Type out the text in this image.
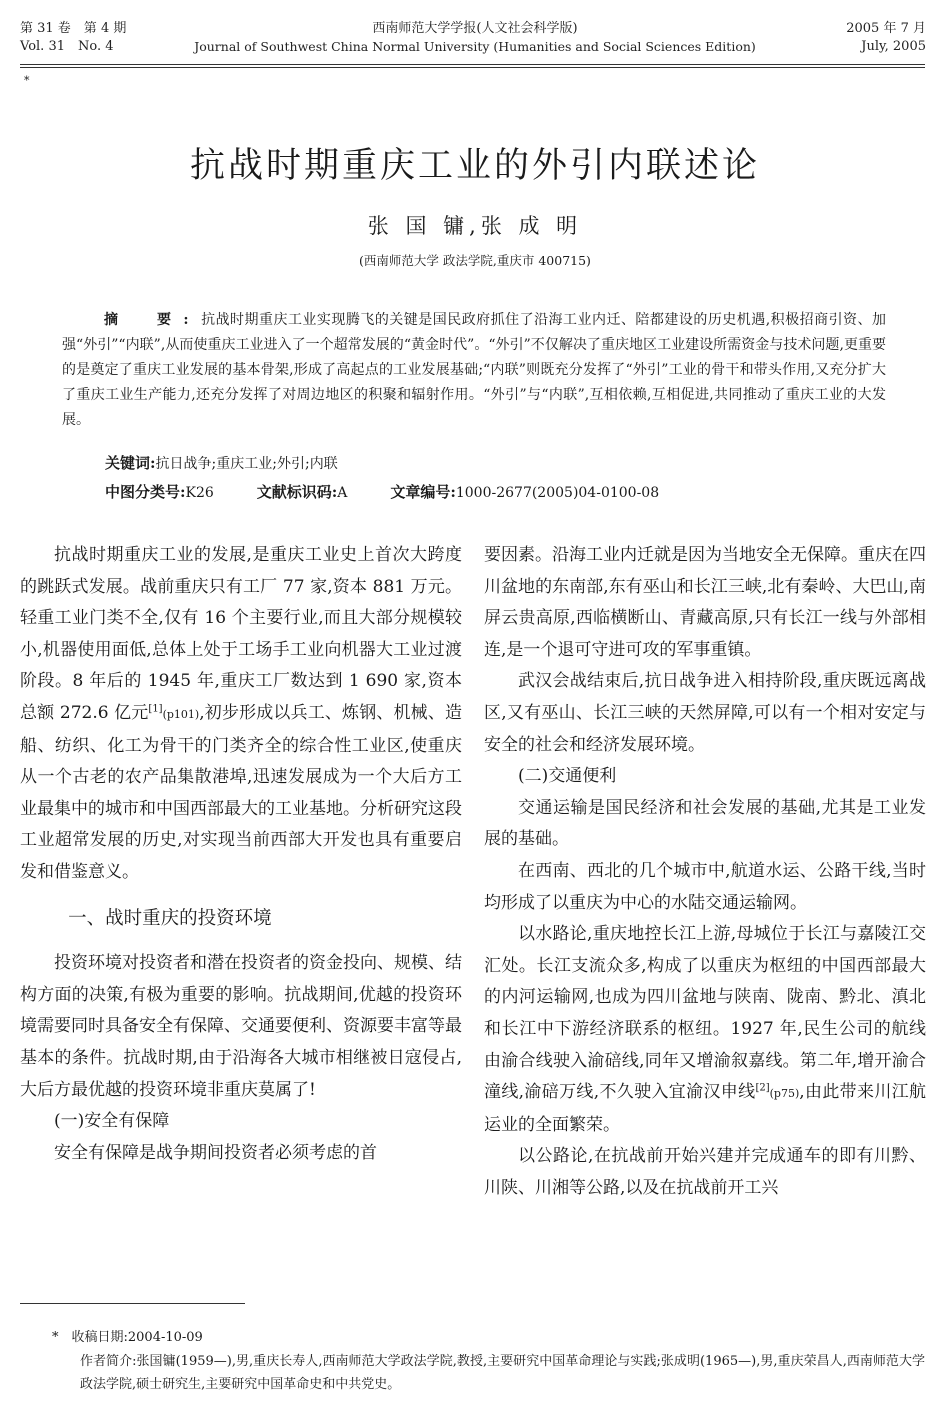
第 31 卷　第 4 期
Vol. 31　No. 4
西南师范大学学报(人文社会科学版)
Journal of Southwest China Normal University (Humanities and Social Sciences Edition)
2005 年 7 月
July, 2005
*
抗战时期重庆工业的外引内联述论
张 国 镛,张 成 明
(西南师范大学 政法学院,重庆市 400715)
摘　要:抗战时期重庆工业实现腾飞的关键是国民政府抓住了沿海工业内迁、陪都建设的历史机遇,积极招商引资、加强“外引”“内联”,从而使重庆工业进入了一个超常发展的“黄金时代”。“外引”不仅解决了重庆地区工业建设所需资金与技术问题,更重要的是奠定了重庆工业发展的基本骨架,形成了高起点的工业发展基础;“内联”则既充分发挥了“外引”工业的骨干和带头作用,又充分扩大了重庆工业生产能力,还充分发挥了对周边地区的积聚和辐射作用。“外引”与“内联”,互相依赖,互相促进,共同推动了重庆工业的大发展。
关键词:抗日战争;重庆工业;外引;内联
中图分类号:K26	文献标识码:A	文章编号:1000-2677(2005)04-0100-08

抗战时期重庆工业的发展,是重庆工业史上首次大跨度的跳跃式发展。战前重庆只有工厂 77 家,资本 881 万元。轻重工业门类不全,仅有 16 个主要行业,而且大部分规模较小,机器使用面低,总体上处于工场手工业向机器大工业过渡阶段。8 年后的 1945 年,重庆工厂数达到 1 690 家,资本总额 272.6 亿元[1](p101),初步形成以兵工、炼钢、机械、造船、纺织、化工为骨干的门类齐全的综合性工业区,使重庆从一个古老的农产品集散港埠,迅速发展成为一个大后方工业最集中的城市和中国西部最大的工业基地。分析研究这段工业超常发展的历史,对实现当前西部大开发也具有重要启发和借鉴意义。

一、战时重庆的投资环境

投资环境对投资者和潜在投资者的资金投向、规模、结构方面的决策,有极为重要的影响。抗战期间,优越的投资环境需要同时具备安全有保障、交通要便利、资源要丰富等最基本的条件。抗战时期,由于沿海各大城市相继被日寇侵占,大后方最优越的投资环境非重庆莫属了!

(一)安全有保障

安全有保障是战争期间投资者必须考虑的首

要因素。沿海工业内迁就是因为当地安全无保障。重庆在四川盆地的东南部,东有巫山和长江三峡,北有秦岭、大巴山,南屏云贵高原,西临横断山、青藏高原,只有长江一线与外部相连,是一个退可守进可攻的军事重镇。

武汉会战结束后,抗日战争进入相持阶段,重庆既远离战区,又有巫山、长江三峡的天然屏障,可以有一个相对安定与安全的社会和经济发展环境。

(二)交通便利

交通运输是国民经济和社会发展的基础,尤其是工业发展的基础。

在西南、西北的几个城市中,航道水运、公路干线,当时均形成了以重庆为中心的水陆交通运输网。

以水路论,重庆地控长江上游,母城位于长江与嘉陵江交汇处。长江支流众多,构成了以重庆为枢纽的中国西部最大的内河运输网,也成为四川盆地与陕南、陇南、黔北、滇北和长江中下游经济联系的枢纽。1927 年,民生公司的航线由渝合线驶入渝碚线,同年又增渝叙嘉线。第二年,增开渝合潼线,渝碚万线,不久驶入宜渝汉申线[2](p75),由此带来川江航运业的全面繁荣。

以公路论,在抗战前开始兴建并完成通车的即有川黔、川陕、川湘等公路,以及在抗战前开工兴

*　收稿日期:2004-10-09
作者简介:张国镛(1959—),男,重庆长寿人,西南师范大学政法学院,教授,主要研究中国革命理论与实践;张成明(1965—),男,重庆荣昌人,西南师范大学政法学院,硕士研究生,主要研究中国革命史和中共党史。
